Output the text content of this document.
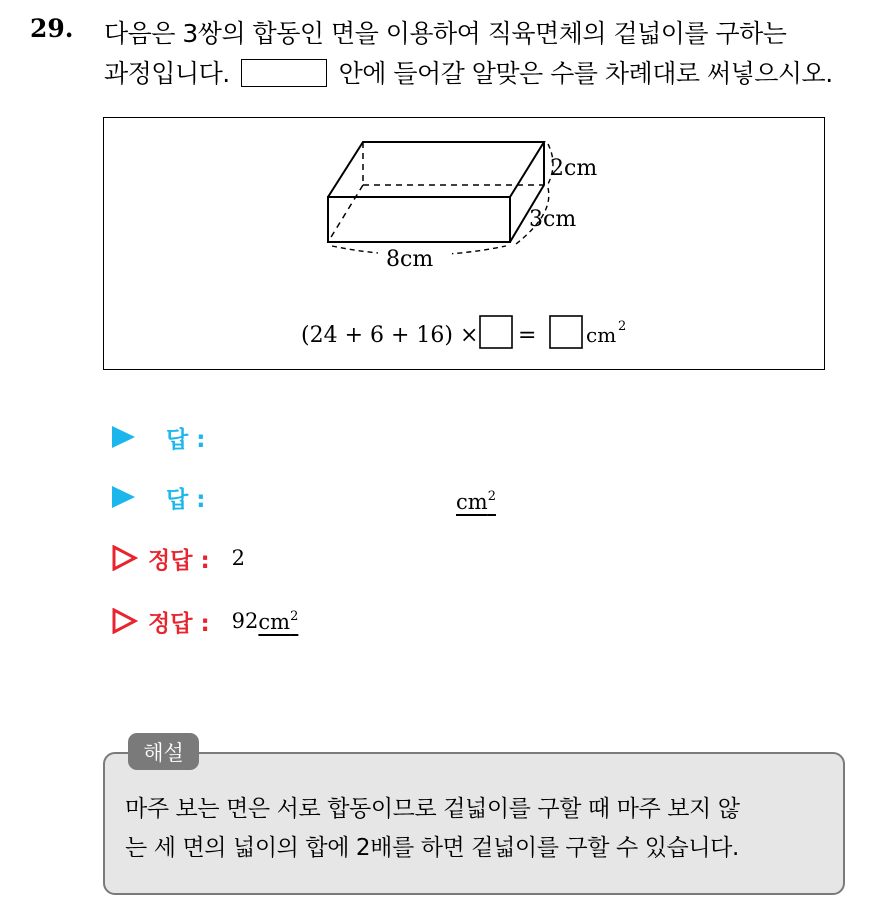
29. 다음은 3쌍의 합동인 면을 이용하여 직육면체의 겉넓이를 구하는
과정입니다.	안에 들어갈 알맞은 수를 차례대로 써넣으시오.
2cm
3cm
8cm
(24 + 6 + 16) × = cm 2
답 :
답 :	$cm^2$
정답 : 2
정답 : 92 $cm^2$
해설
마주 보는 면은 서로 합동이므로 겉넓이를 구할 때 마주 보지 않
는 세 면의 넓이의 합에 2배를 하면 겉넓이를 구할 수 있습니다.
